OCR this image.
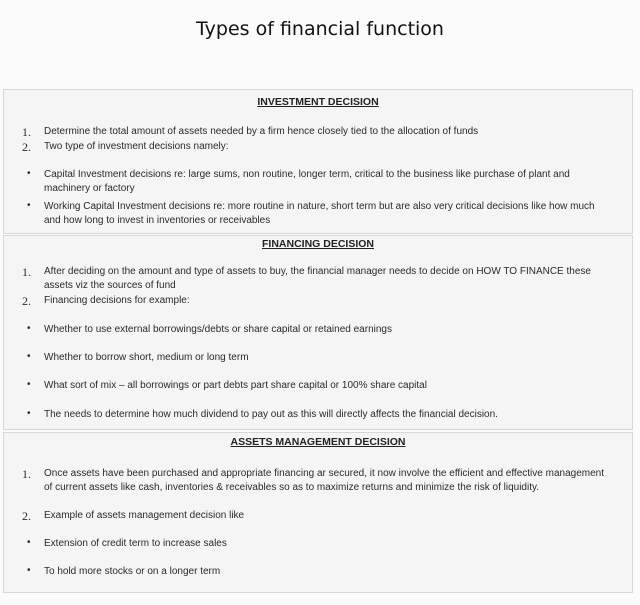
Types of financial function
INVESTMENT DECISION
1. Determine the total amount of assets needed by a firm hence closely tied to the allocation of funds
2. Two type of investment decisions namely:
• Capital Investment decisions re: large sums, non routine, longer term, critical to the business like purchase of plant and machinery or factory
• Working Capital Investment decisions re: more routine in nature, short term but are also very critical decisions like how much and how long to invest in inventories or receivables
FINANCING DECISION
1. After deciding on the amount and type of assets to buy, the financial manager needs to decide on HOW TO FINANCE these assets viz the sources of fund
2. Financing decisions for example:
• Whether to use external borrowings/debts or share capital or retained earnings
• Whether to borrow short, medium or long term
• What sort of mix – all borrowings or part debts part share capital or 100% share capital
• The needs to determine how much dividend to pay out as this will directly affects the financial decision.
ASSETS MANAGEMENT DECISION
1. Once assets have been purchased and appropriate financing ar secured, it now involve the efficient and effective management of current assets like cash, inventories & receivables so as to maximize returns and minimize the risk of liquidity.
2. Example of assets management decision like
• Extension of credit term to increase sales
• To hold more stocks or on a longer term
